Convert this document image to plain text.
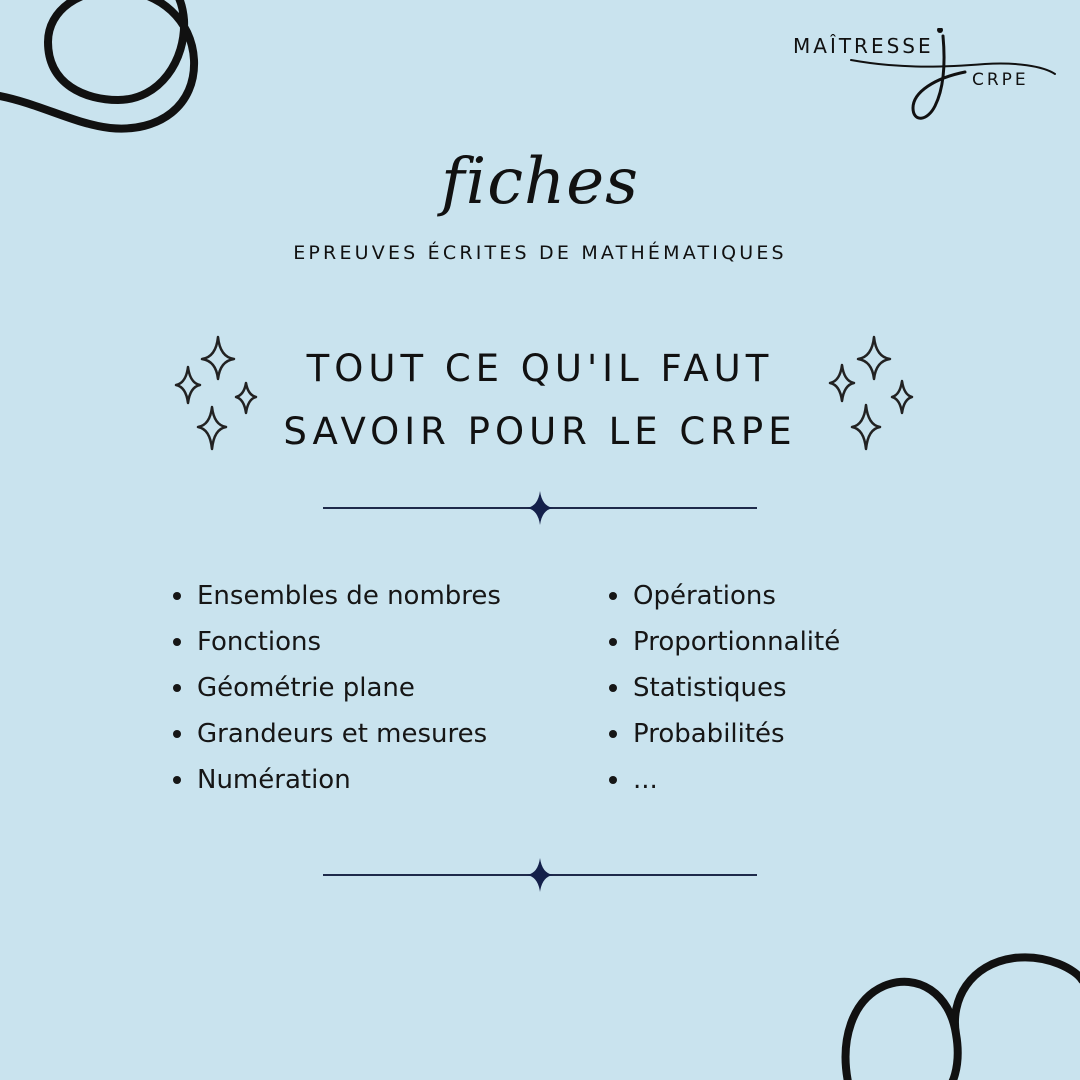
MAÎTRESSE
CRPE
fiches
EPREUVES ÉCRITES DE MATHÉMATIQUES
TOUT CE QU'IL FAUT
SAVOIR POUR LE CRPE
Ensembles de nombres
Fonctions
Géométrie plane
Grandeurs et mesures
Numération
Opérations
Proportionnalité
Statistiques
Probabilités
...
